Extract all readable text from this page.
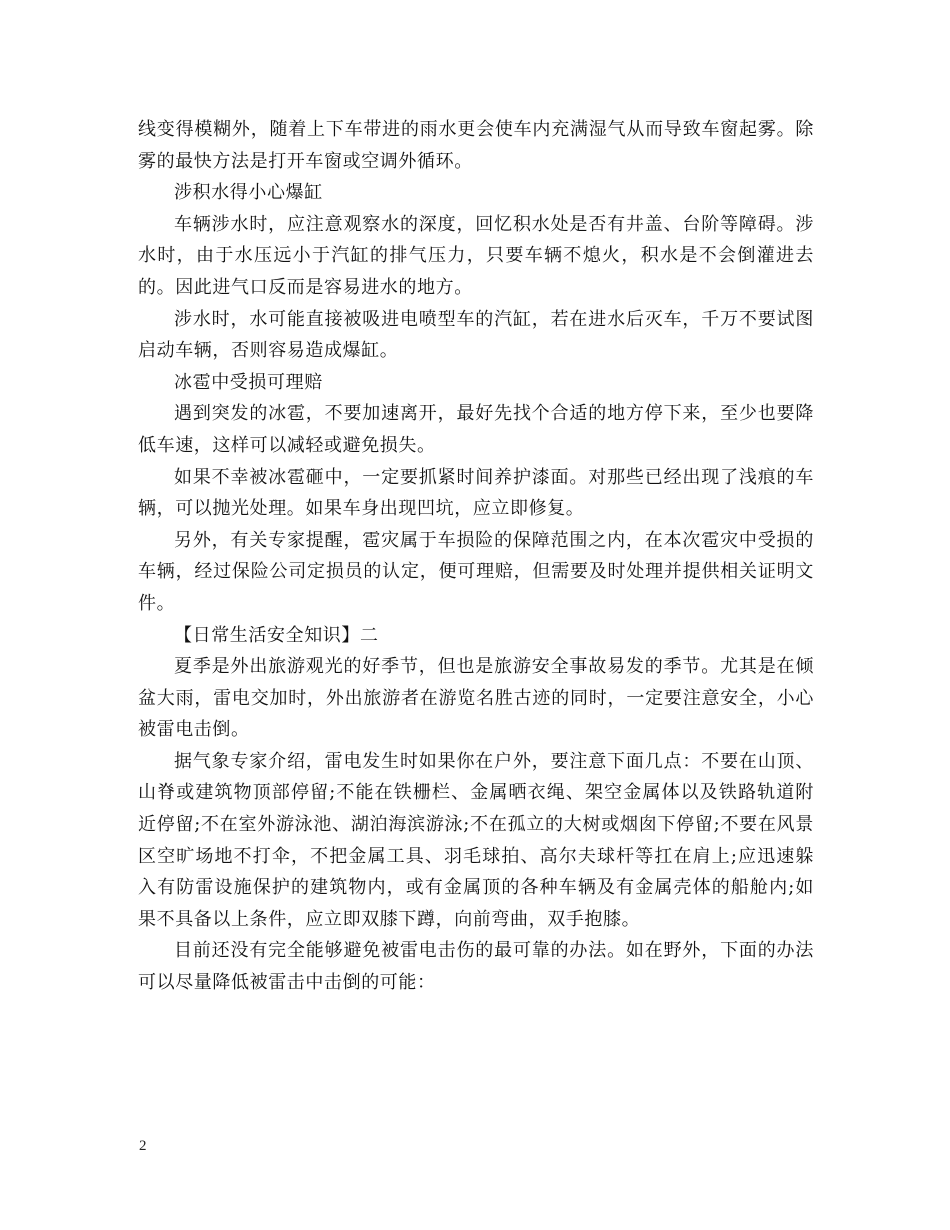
线变得模糊外，随着上下车带进的雨水更会使车内充满湿气从而导致车窗起雾。除雾的最快方法是打开车窗或空调外循环。

涉积水得小心爆缸

车辆涉水时，应注意观察水的深度，回忆积水处是否有井盖、台阶等障碍。涉水时，由于水压远小于汽缸的排气压力，只要车辆不熄火，积水是不会倒灌进去的。因此进气口反而是容易进水的地方。

涉水时，水可能直接被吸进电喷型车的汽缸，若在进水后灭车，千万不要试图启动车辆，否则容易造成爆缸。

冰雹中受损可理赔

遇到突发的冰雹，不要加速离开，最好先找个合适的地方停下来，至少也要降低车速，这样可以减轻或避免损失。

如果不幸被冰雹砸中，一定要抓紧时间养护漆面。对那些已经出现了浅痕的车辆，可以抛光处理。如果车身出现凹坑，应立即修复。

另外，有关专家提醒，雹灾属于车损险的保障范围之内，在本次雹灾中受损的车辆，经过保险公司定损员的认定，便可理赔，但需要及时处理并提供相关证明文件。

【日常生活安全知识】二

夏季是外出旅游观光的好季节，但也是旅游安全事故易发的季节。尤其是在倾盆大雨，雷电交加时，外出旅游者在游览名胜古迹的同时，一定要注意安全，小心被雷电击倒。

据气象专家介绍，雷电发生时如果你在户外，要注意下面几点：不要在山顶、山脊或建筑物顶部停留;不能在铁栅栏、金属晒衣绳、架空金属体以及铁路轨道附近停留;不在室外游泳池、湖泊海滨游泳;不在孤立的大树或烟囱下停留;不要在风景区空旷场地不打伞，不把金属工具、羽毛球拍、高尔夫球杆等扛在肩上;应迅速躲入有防雷设施保护的建筑物内，或有金属顶的各种车辆及有金属壳体的船舱内;如果不具备以上条件，应立即双膝下蹲，向前弯曲，双手抱膝。

目前还没有完全能够避免被雷电击伤的最可靠的办法。如在野外，下面的办法可以尽量降低被雷击中击倒的可能：

2
